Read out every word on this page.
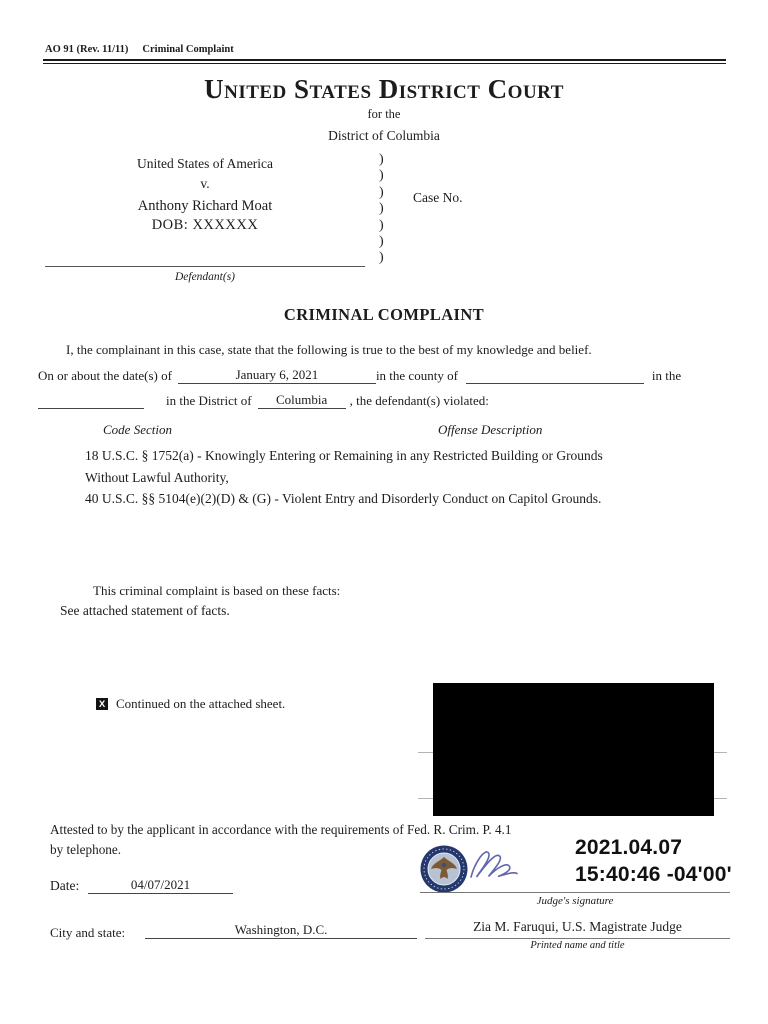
AO 91 (Rev. 11/11) Criminal Complaint
United States District Court
for the
District of Columbia
United States of America
v.
Anthony Richard Moat
DOB: XXXXXX
)
)
)
)
)
)
)
Case No.
Defendant(s)
CRIMINAL COMPLAINT
I, the complainant in this case, state that the following is true to the best of my knowledge and belief.
On or about the date(s) of	January 6, 2021	in the county of	in the
in the District of Columbia , the defendant(s) violated:
Code Section	Offense Description
18 U.S.C. § 1752(a) - Knowingly Entering or Remaining in any Restricted Building or Grounds
Without Lawful Authority,
40 U.S.C. §§ 5104(e)(2)(D) & (G) - Violent Entry and Disorderly Conduct on Capitol Grounds.
This criminal complaint is based on these facts:
See attached statement of facts.
X Continued on the attached sheet.
Attested to by the applicant in accordance with the requirements of Fed. R. Crim. P. 4.1
by telephone.	2021.04.07
15:40:46 -04'00'
Judge's signature
Date:	04/07/2021
City and state:	Washington, D.C.	Zia M. Faruqui, U.S. Magistrate Judge
Printed name and title
